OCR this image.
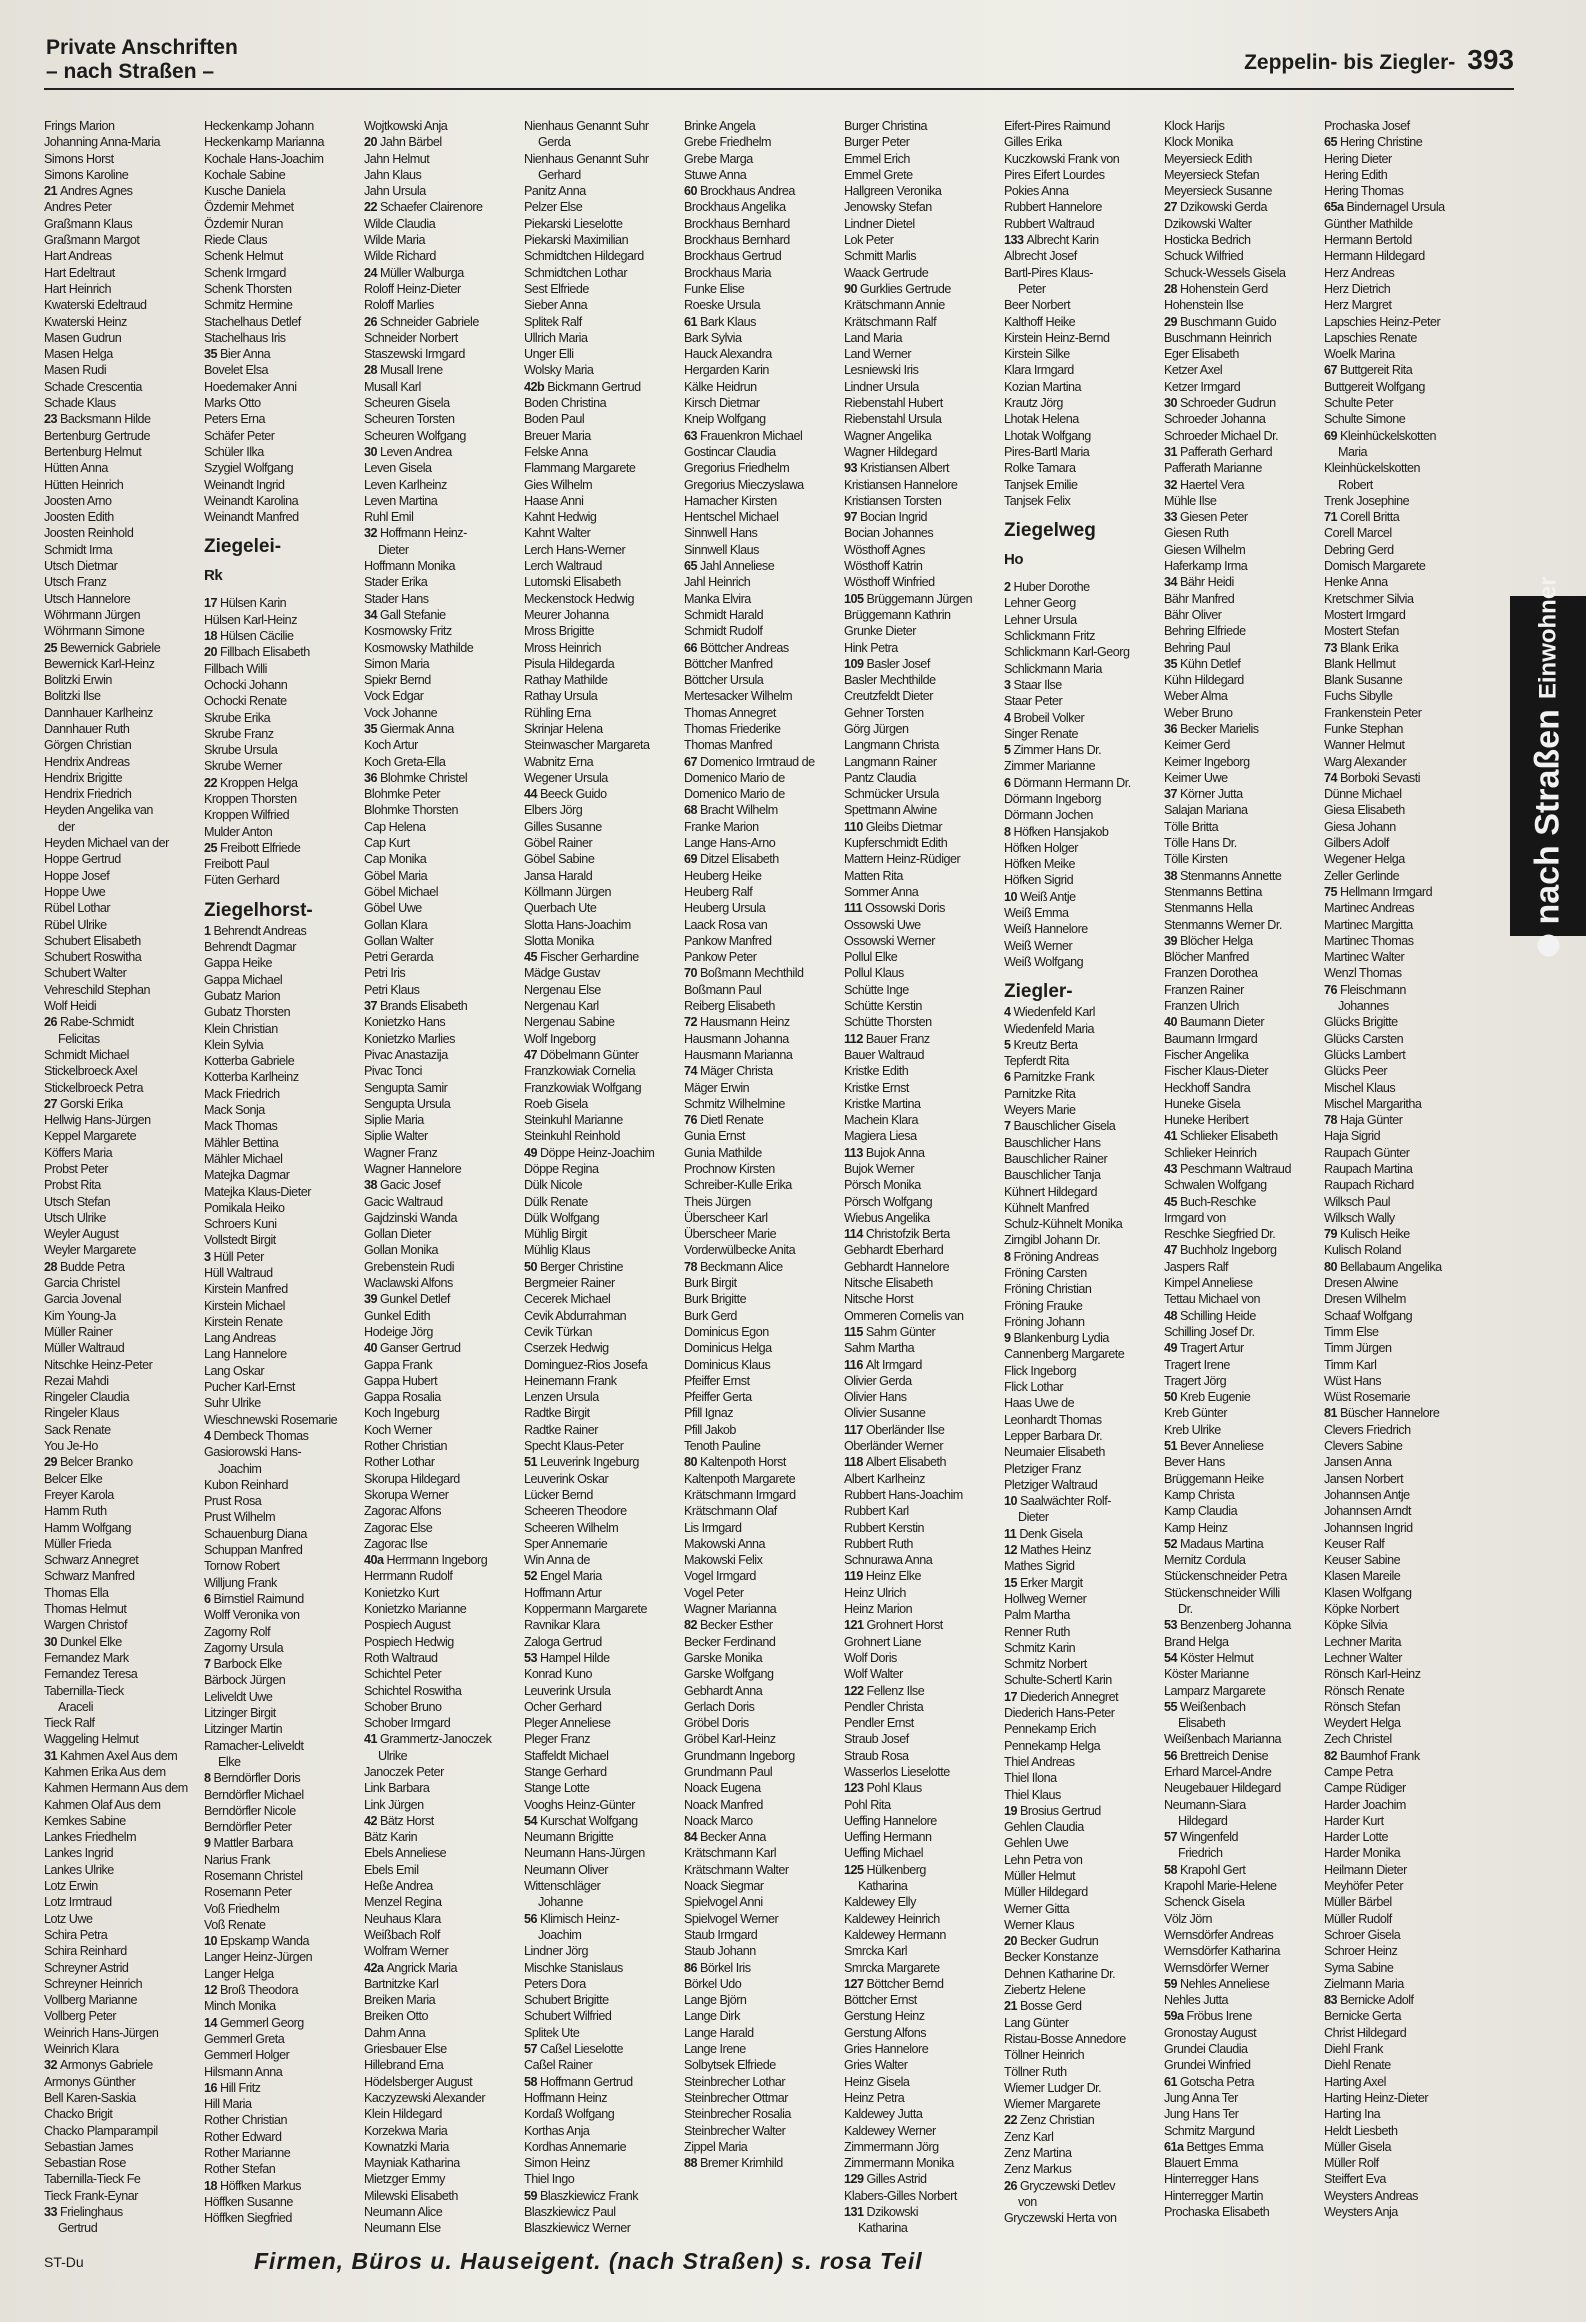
Private Anschriften
– nach Straßen –	Zeppelin- bis Ziegler- 393
Frings Marion
Johanning Anna-Maria
Simons Horst
Simons Karoline
21 Andres Agnes
Andres Peter
Graßmann Klaus
Graßmann Margot
Hart Andreas
Hart Edeltraut
Hart Heinrich
Kwaterski Edeltraud
Kwaterski Heinz
Masen Gudrun
Masen Helga
Masen Rudi
Schade Crescentia
Schade Klaus
23 Backsmann Hilde
Bertenburg Gertrude
Bertenburg Helmut
Hütten Anna
Hütten Heinrich
Joosten Arno
Joosten Edith
Joosten Reinhold
Schmidt Irma
Utsch Dietmar
Utsch Franz
Utsch Hannelore
Wöhrmann Jürgen
Wöhrmann Simone
25 Bewernick Gabriele
Bewernick Karl-Heinz
Bolitzki Erwin
Bolitzki Ilse
Dannhauer Karlheinz
Dannhauer Ruth
Görgen Christian
Hendrix Andreas
Hendrix Brigitte
Hendrix Friedrich
Heyden Angelika van
der
Heyden Michael van der
Hoppe Gertrud
Hoppe Josef
Hoppe Uwe
Rübel Lothar
Rübel Ulrike
Schubert Elisabeth
Schubert Roswitha
Schubert Walter
Vehreschild Stephan
Wolf Heidi
26 Rabe-Schmidt
Felicitas
Schmidt Michael
Stickelbroeck Axel
Stickelbroeck Petra
27 Gorski Erika
Hellwig Hans-Jürgen
Keppel Margarete
Köffers Maria
Probst Peter
Probst Rita
Utsch Stefan
Utsch Ulrike
Weyler August
Weyler Margarete
28 Budde Petra
Garcia Christel
Garcia Jovenal
Kim Young-Ja
Müller Rainer
Müller Waltraud
Nitschke Heinz-Peter
Rezai Mahdi
Ringeler Claudia
Ringeler Klaus
Sack Renate
You Je-Ho
29 Belcer Branko
Belcer Elke
Freyer Karola
Hamm Ruth
Hamm Wolfgang
Müller Frieda
Schwarz Annegret
Schwarz Manfred
Thomas Ella
Thomas Helmut
Wargen Christof
30 Dunkel Elke
Fernandez Mark
Fernandez Teresa
Tabernilla-Tieck
Araceli
Tieck Ralf
Waggeling Helmut
31 Kahmen Axel Aus dem
Kahmen Erika Aus dem
Kahmen Hermann Aus dem
Kahmen Olaf Aus dem
Kemkes Sabine
Lankes Friedhelm
Lankes Ingrid
Lankes Ulrike
Lotz Erwin
Lotz Irmtraud
Lotz Uwe
Schira Petra
Schira Reinhard
Schreyner Astrid
Schreyner Heinrich
Vollberg Marianne
Vollberg Peter
Weinrich Hans-Jürgen
Weinrich Klara
32 Armonys Gabriele
Armonys Günther
Bell Karen-Saskia
Chacko Brigit
Chacko Plamparampil
Sebastian James
Sebastian Rose
Tabernilla-Tieck Fe
Tieck Frank-Eynar
33 Frielinghaus
Gertrud
Heckenkamp Johann
Heckenkamp Marianna
Kochale Hans-Joachim
Kochale Sabine
Kusche Daniela
Özdemir Mehmet
Özdemir Nuran
Riede Claus
Schenk Helmut
Schenk Irmgard
Schenk Thorsten
Schmitz Hermine
Stachelhaus Detlef
Stachelhaus Iris
35 Bier Anna
Bovelet Elsa
Hoedemaker Anni
Marks Otto
Peters Erna
Schäfer Peter
Schüler Ilka
Szygiel Wolfgang
Weinandt Ingrid
Weinandt Karolina
Weinandt Manfred
Ziegelei-
Rk
17 Hülsen Karin
Hülsen Karl-Heinz
18 Hülsen Cäcilie
20 Fillbach Elisabeth
Fillbach Willi
Ochocki Johann
Ochocki Renate
Skrube Erika
Skrube Franz
Skrube Ursula
Skrube Werner
22 Kroppen Helga
Kroppen Thorsten
Kroppen Wilfried
Mulder Anton
25 Freibott Elfriede
Freibott Paul
Füten Gerhard
Ziegelhorst-
1 Behrendt Andreas
Behrendt Dagmar
Gappa Heike
Gappa Michael
Gubatz Marion
Gubatz Thorsten
Klein Christian
Klein Sylvia
Kotterba Gabriele
Kotterba Karlheinz
Mack Friedrich
Mack Sonja
Mack Thomas
Mähler Bettina
Mähler Michael
Matejka Dagmar
Matejka Klaus-Dieter
Pomikala Heiko
Schroers Kuni
Vollstedt Birgit
3 Hüll Peter
Hüll Waltraud
Kirstein Manfred
Kirstein Michael
Kirstein Renate
Lang Andreas
Lang Hannelore
Lang Oskar
Pucher Karl-Ernst
Suhr Ulrike
Wieschnewski Rosemarie
4 Dembeck Thomas
Gasiorowski Hans-
Joachim
Kubon Reinhard
Prust Rosa
Prust Wilhelm
Schauenburg Diana
Schuppan Manfred
Tornow Robert
Willjung Frank
6 Birnstiel Raimund
Wolff Veronika von
Zagorny Rolf
Zagorny Ursula
7 Barbock Elke
Bärbock Jürgen
Leliveldt Uwe
Litzinger Birgit
Litzinger Martin
Ramacher-Leliveldt
Elke
8 Berndörfler Doris
Berndörfler Michael
Berndörfler Nicole
Berndörfler Peter
9 Mattler Barbara
Narius Frank
Rosemann Christel
Rosemann Peter
Voß Friedhelm
Voß Renate
10 Epskamp Wanda
Langer Heinz-Jürgen
Langer Helga
12 Broß Theodora
Minch Monika
14 Gemmerl Georg
Gemmerl Greta
Gemmerl Holger
Hilsmann Anna
16 Hill Fritz
Hill Maria
Rother Christian
Rother Edward
Rother Marianne
Rother Stefan
18 Höffken Markus
Höffken Susanne
Höffken Siegfried
Wojtkowski Anja
20 Jahn Bärbel
Jahn Helmut
Jahn Klaus
Jahn Ursula
22 Schaefer Clairenore
Wilde Claudia
Wilde Maria
Wilde Richard
24 Müller Walburga
Roloff Heinz-Dieter
Roloff Marlies
26 Schneider Gabriele
Schneider Norbert
Staszewski Irmgard
28 Musall Irene
Musall Karl
Scheuren Gisela
Scheuren Torsten
Scheuren Wolfgang
30 Leven Andrea
Leven Gisela
Leven Karlheinz
Leven Martina
Ruhl Emil
32 Hoffmann Heinz-
Dieter
Hoffmann Monika
Stader Erika
Stader Hans
34 Gall Stefanie
Kosmowsky Fritz
Kosmowsky Mathilde
Simon Maria
Spiekr Bernd
Vock Edgar
Vock Johanne
35 Giermak Anna
Koch Artur
Koch Greta-Ella
36 Blohmke Christel
Blohmke Peter
Blohmke Thorsten
Cap Helena
Cap Kurt
Cap Monika
Göbel Maria
Göbel Michael
Göbel Uwe
Gollan Klara
Gollan Walter
Petri Gerarda
Petri Iris
Petri Klaus
37 Brands Elisabeth
Konietzko Hans
Konietzko Marlies
Pivac Anastazija
Pivac Tonci
Sengupta Samir
Sengupta Ursula
Siplie Maria
Siplie Walter
Wagner Franz
Wagner Hannelore
38 Gacic Josef
Gacic Waltraud
Gajdzinski Wanda
Gollan Dieter
Gollan Monika
Grebenstein Rudi
Waclawski Alfons
39 Gunkel Detlef
Gunkel Edith
Hodeige Jörg
40 Ganser Gertrud
Gappa Frank
Gappa Hubert
Gappa Rosalia
Koch Ingeburg
Koch Werner
Rother Christian
Rother Lothar
Skorupa Hildegard
Skorupa Werner
Zagorac Alfons
Zagorac Else
Zagorac Ilse
40a Herrmann Ingeborg
Herrmann Rudolf
Konietzko Kurt
Konietzko Marianne
Pospiech August
Pospiech Hedwig
Roth Waltraud
Schichtel Peter
Schichtel Roswitha
Schober Bruno
Schober Irmgard
41 Grammertz-Janoczek
Ulrike
Janoczek Peter
Link Barbara
Link Jürgen
42 Bätz Horst
Bätz Karin
Ebels Anneliese
Ebels Emil
Heße Andrea
Menzel Regina
Neuhaus Klara
Weißbach Rolf
Wolfram Werner
42a Angrick Maria
Bartnitzke Karl
Breiken Maria
Breiken Otto
Dahm Anna
Griesbauer Else
Hillebrand Erna
Hödelsberger August
Kaczyzewski Alexander
Klein Hildegard
Korzekwa Maria
Kownatzki Maria
Mayniak Katharina
Mietzger Emmy
Milewski Elisabeth
Neumann Alice
Neumann Else
Nienhaus Genannt Suhr
Gerda
Nienhaus Genannt Suhr
Gerhard
Panitz Anna
Pelzer Else
Piekarski Lieselotte
Piekarski Maximilian
Schmidtchen Hildegard
Schmidtchen Lothar
Sest Elfriede
Sieber Anna
Splitek Ralf
Ullrich Maria
Unger Elli
Wolsky Maria
42b Bickmann Gertrud
Boden Christina
Boden Paul
Breuer Maria
Felske Anna
Flammang Margarete
Gies Wilhelm
Haase Anni
Kahnt Hedwig
Kahnt Walter
Lerch Hans-Werner
Lerch Waltraud
Lutomski Elisabeth
Meckenstock Hedwig
Meurer Johanna
Mross Brigitte
Mross Heinrich
Pisula Hildegarda
Rathay Mathilde
Rathay Ursula
Rühling Erna
Skrinjar Helena
Steinwascher Margareta
Wabnitz Erna
Wegener Ursula
44 Beeck Guido
Elbers Jörg
Gilles Susanne
Göbel Rainer
Göbel Sabine
Jansa Harald
Köllmann Jürgen
Querbach Ute
Slotta Hans-Joachim
Slotta Monika
45 Fischer Gerhardine
Mädge Gustav
Nergenau Else
Nergenau Karl
Nergenau Sabine
Wolf Ingeborg
47 Döbelmann Günter
Franzkowiak Cornelia
Franzkowiak Wolfgang
Roeb Gisela
Steinkuhl Marianne
Steinkuhl Reinhold
49 Döppe Heinz-Joachim
Döppe Regina
Dülk Nicole
Dülk Renate
Dülk Wolfgang
Mühlig Birgit
Mühlig Klaus
50 Berger Christine
Bergmeier Rainer
Cecerek Michael
Cevik Abdurrahman
Cevik Türkan
Cserzek Hedwig
Dominguez-Rios Josefa
Heinemann Frank
Lenzen Ursula
Radtke Birgit
Radtke Rainer
Specht Klaus-Peter
51 Leuverink Ingeburg
Leuverink Oskar
Lücker Bernd
Scheeren Theodore
Scheeren Wilhelm
Sper Annemarie
Win Anna de
52 Engel Maria
Hoffmann Artur
Koppermann Margarete
Ravnikar Klara
Zaloga Gertrud
53 Hampel Hilde
Konrad Kuno
Leuverink Ursula
Ocher Gerhard
Pleger Anneliese
Pleger Franz
Staffeldt Michael
Stange Gerhard
Stange Lotte
Vooghs Heinz-Günter
54 Kurschat Wolfgang
Neumann Brigitte
Neumann Hans-Jürgen
Neumann Oliver
Wittenschläger
Johanne
56 Klimisch Heinz-
Joachim
Lindner Jörg
Mischke Stanislaus
Peters Dora
Schubert Brigitte
Schubert Wilfried
Splitek Ute
57 Caßel Lieselotte
Caßel Rainer
58 Hoffmann Gertrud
Hoffmann Heinz
Kordaß Wolfgang
Korthas Anja
Kordhas Annemarie
Simon Heinz
Thiel Ingo
59 Blaszkiewicz Frank
Blaszkiewicz Paul
Blaszkiewicz Werner
Brinke Angela
Grebe Friedhelm
Grebe Marga
Stuwe Anna
60 Brockhaus Andrea
Brockhaus Angelika
Brockhaus Bernhard
Brockhaus Bernhard
Brockhaus Gertrud
Brockhaus Maria
Funke Elise
Roeske Ursula
61 Bark Klaus
Bark Sylvia
Hauck Alexandra
Hergarden Karin
Kälke Heidrun
Kirsch Dietmar
Kneip Wolfgang
63 Frauenkron Michael
Gostincar Claudia
Gregorius Friedhelm
Gregorius Mieczyslawa
Hamacher Kirsten
Hentschel Michael
Sinnwell Hans
Sinnwell Klaus
65 Jahl Anneliese
Jahl Heinrich
Manka Elvira
Schmidt Harald
Schmidt Rudolf
66 Böttcher Andreas
Böttcher Manfred
Böttcher Ursula
Mertesacker Wilhelm
Thomas Annegret
Thomas Friederike
Thomas Manfred
67 Domenico Irmtraud de
Domenico Mario de
Domenico Mario de
68 Bracht Wilhelm
Franke Marion
Lange Hans-Arno
69 Ditzel Elisabeth
Heuberg Heike
Heuberg Ralf
Heuberg Ursula
Laack Rosa van
Pankow Manfred
Pankow Peter
70 Boßmann Mechthild
Boßmann Paul
Reiberg Elisabeth
72 Hausmann Heinz
Hausmann Johanna
Hausmann Marianna
74 Mäger Christa
Mäger Erwin
Schmitz Wilhelmine
76 Dietl Renate
Gunia Ernst
Gunia Mathilde
Prochnow Kirsten
Schreiber-Kulle Erika
Theis Jürgen
Überscheer Karl
Überscheer Marie
Vorderwülbecke Anita
78 Beckmann Alice
Burk Birgit
Burk Brigitte
Burk Gerd
Dominicus Egon
Dominicus Helga
Dominicus Klaus
Pfeiffer Ernst
Pfeiffer Gerta
Pfill Ignaz
Pfill Jakob
Tenoth Pauline
80 Kaltenpoth Horst
Kaltenpoth Margarete
Krätschmann Irmgard
Krätschmann Olaf
Lis Irmgard
Makowski Anna
Makowski Felix
Vogel Irmgard
Vogel Peter
Wagner Marianna
82 Becker Esther
Becker Ferdinand
Garske Monika
Garske Wolfgang
Gebhardt Anna
Gerlach Doris
Gröbel Doris
Gröbel Karl-Heinz
Grundmann Ingeborg
Grundmann Paul
Noack Eugena
Noack Manfred
Noack Marco
84 Becker Anna
Krätschmann Karl
Krätschmann Walter
Noack Siegmar
Spielvogel Anni
Spielvogel Werner
Staub Irmgard
Staub Johann
86 Börkel Iris
Börkel Udo
Lange Björn
Lange Dirk
Lange Harald
Lange Irene
Solbytsek Elfriede
Steinbrecher Lothar
Steinbrecher Ottmar
Steinbrecher Rosalia
Steinbrecher Walter
Zippel Maria
88 Bremer Krimhild
Burger Christina
Burger Peter
Emmel Erich
Emmel Grete
Hallgreen Veronika
Jenowsky Stefan
Lindner Dietel
Lok Peter
Schmitt Marlis
Waack Gertrude
90 Gurklies Gertrude
Krätschmann Annie
Krätschmann Ralf
Land Maria
Land Werner
Lesniewski Iris
Lindner Ursula
Riebenstahl Hubert
Riebenstahl Ursula
Wagner Angelika
Wagner Hildegard
93 Kristiansen Albert
Kristiansen Hannelore
Kristiansen Torsten
97 Bocian Ingrid
Bocian Johannes
Wösthoff Agnes
Wösthoff Katrin
Wösthoff Winfried
105 Brüggemann Jürgen
Brüggemann Kathrin
Grunke Dieter
Hink Petra
109 Basler Josef
Basler Mechthilde
Creutzfeldt Dieter
Gehner Torsten
Görg Jürgen
Langmann Christa
Langmann Rainer
Pantz Claudia
Schmücker Ursula
Spettmann Alwine
110 Gleibs Dietmar
Kupferschmidt Edith
Mattern Heinz-Rüdiger
Matten Rita
Sommer Anna
111 Ossowski Doris
Ossowski Uwe
Ossowski Werner
Pollul Elke
Pollul Klaus
Schütte Inge
Schütte Kerstin
Schütte Thorsten
112 Bauer Franz
Bauer Waltraud
Kristke Edith
Kristke Ernst
Kristke Martina
Machein Klara
Magiera Liesa
113 Bujok Anna
Bujok Werner
Pörsch Monika
Pörsch Wolfgang
Wiebus Angelika
114 Christofzik Berta
Gebhardt Eberhard
Gebhardt Hannelore
Nitsche Elisabeth
Nitsche Horst
Ommeren Cornelis van
115 Sahm Günter
Sahm Martha
116 Alt Irmgard
Olivier Gerda
Olivier Hans
Olivier Susanne
117 Oberländer Ilse
Oberländer Werner
118 Albert Elisabeth
Albert Karlheinz
Rubbert Hans-Joachim
Rubbert Karl
Rubbert Kerstin
Rubbert Ruth
Schnurawa Anna
119 Heinz Elke
Heinz Ulrich
Heinz Marion
121 Grohnert Horst
Grohnert Liane
Wolf Doris
Wolf Walter
122 Fellenz Ilse
Pendler Christa
Pendler Ernst
Straub Josef
Straub Rosa
Wasserlos Lieselotte
123 Pohl Klaus
Pohl Rita
Ueffing Hannelore
Ueffing Hermann
Ueffing Michael
125 Hülkenberg
Katharina
Kaldewey Elly
Kaldewey Heinrich
Kaldewey Hermann
Smrcka Karl
Smrcka Margarete
127 Böttcher Bernd
Böttcher Ernst
Gerstung Heinz
Gerstung Alfons
Gries Hannelore
Gries Walter
Heinz Gisela
Heinz Petra
Kaldewey Jutta
Kaldewey Werner
Zimmermann Jörg
Zimmermann Monika
129 Gilles Astrid
Klabers-Gilles Norbert
131 Dzikowski
Katharina
Eifert-Pires Raimund
Gilles Erika
Kuczkowski Frank von
Pires Eifert Lourdes
Pokies Anna
Rubbert Hannelore
Rubbert Waltraud
133 Albrecht Karin
Albrecht Josef
Bartl-Pires Klaus-
Peter
Beer Norbert
Kalthoff Heike
Kirstein Heinz-Bernd
Kirstein Silke
Klara Irmgard
Kozian Martina
Krautz Jörg
Lhotak Helena
Lhotak Wolfgang
Pires-Bartl Maria
Rolke Tamara
Tanjsek Emilie
Tanjsek Felix
Ziegelweg
Ho
2 Huber Dorothe
Lehner Georg
Lehner Ursula
Schlickmann Fritz
Schlickmann Karl-Georg
Schlickmann Maria
3 Staar Ilse
Staar Peter
4 Brobeil Volker
Singer Renate
5 Zimmer Hans Dr.
Zimmer Marianne
6 Dörmann Hermann Dr.
Dörmann Ingeborg
Dörmann Jochen
8 Höfken Hansjakob
Höfken Holger
Höfken Meike
Höfken Sigrid
10 Weiß Antje
Weiß Emma
Weiß Hannelore
Weiß Werner
Weiß Wolfgang
Ziegler-
4 Wiedenfeld Karl
Wiedenfeld Maria
5 Kreutz Berta
Tepferdt Rita
6 Parnitzke Frank
Parnitzke Rita
Weyers Marie
7 Bauschlicher Gisela
Bauschlicher Hans
Bauschlicher Rainer
Bauschlicher Tanja
Kühnert Hildegard
Kühnelt Manfred
Schulz-Kühnelt Monika
Zirngibl Johann Dr.
8 Fröning Andreas
Fröning Carsten
Fröning Christian
Fröning Frauke
Fröning Johann
9 Blankenburg Lydia
Cannenberg Margarete
Flick Ingeborg
Flick Lothar
Haas Uwe de
Leonhardt Thomas
Lepper Barbara Dr.
Neumaier Elisabeth
Pletziger Franz
Pletziger Waltraud
10 Saalwächter Rolf-
Dieter
11 Denk Gisela
12 Mathes Heinz
Mathes Sigrid
15 Erker Margit
Hollweg Werner
Palm Martha
Renner Ruth
Schmitz Karin
Schmitz Norbert
Schulte-Schertl Karin
17 Diederich Annegret
Diederich Hans-Peter
Pennekamp Erich
Pennekamp Helga
Thiel Andreas
Thiel Ilona
Thiel Klaus
19 Brosius Gertrud
Gehlen Claudia
Gehlen Uwe
Lehn Petra von
Müller Helmut
Müller Hildegard
Werner Gitta
Werner Klaus
20 Becker Gudrun
Becker Konstanze
Dehnen Katharine Dr.
Ziebertz Helene
21 Bosse Gerd
Lang Günter
Ristau-Bosse Annedore
Töllner Heinrich
Töllner Ruth
Wiemer Ludger Dr.
Wiemer Margarete
22 Zenz Christian
Zenz Karl
Zenz Martina
Zenz Markus
26 Gryczewski Detlev
von
Gryczewski Herta von
Klock Harijs
Klock Monika
Meyersieck Edith
Meyersieck Stefan
Meyersieck Susanne
27 Dzikowski Gerda
Dzikowski Walter
Hosticka Bedrich
Schuck Wilfried
Schuck-Wessels Gisela
28 Hohenstein Gerd
Hohenstein Ilse
29 Buschmann Guido
Buschmann Heinrich
Eger Elisabeth
Ketzer Axel
Ketzer Irmgard
30 Schroeder Gudrun
Schroeder Johanna
Schroeder Michael Dr.
31 Pafferath Gerhard
Pafferath Marianne
32 Haertel Vera
Mühle Ilse
33 Giesen Peter
Giesen Ruth
Giesen Wilhelm
Haferkamp Irma
34 Bähr Heidi
Bähr Manfred
Bähr Oliver
Behring Elfriede
Behring Paul
35 Kühn Detlef
Kühn Hildegard
Weber Alma
Weber Bruno
36 Becker Marielis
Keimer Gerd
Keimer Ingeborg
Keimer Uwe
37 Körner Jutta
Salajan Mariana
Tölle Britta
Tölle Hans Dr.
Tölle Kirsten
38 Stenmanns Annette
Stenmanns Bettina
Stenmanns Hella
Stenmanns Werner Dr.
39 Blöcher Helga
Blöcher Manfred
Franzen Dorothea
Franzen Rainer
Franzen Ulrich
40 Baumann Dieter
Baumann Irmgard
Fischer Angelika
Fischer Klaus-Dieter
Heckhoff Sandra
Huneke Gisela
Huneke Heribert
41 Schlieker Elisabeth
Schlieker Heinrich
43 Peschmann Waltraud
Schwalen Wolfgang
45 Buch-Reschke
Irmgard von
Reschke Siegfried Dr.
47 Buchholz Ingeborg
Jaspers Ralf
Kimpel Anneliese
Tettau Michael von
48 Schilling Heide
Schilling Josef Dr.
49 Tragert Artur
Tragert Irene
Tragert Jörg
50 Kreb Eugenie
Kreb Günter
Kreb Ulrike
51 Bever Anneliese
Bever Hans
Brüggemann Heike
Kamp Christa
Kamp Claudia
Kamp Heinz
52 Madaus Martina
Mernitz Cordula
Stückenschneider Petra
Stückenschneider Willi
Dr.
53 Benzenberg Johanna
Brand Helga
54 Köster Helmut
Köster Marianne
Lamparz Margarete
55 Weißenbach
Elisabeth
Weißenbach Marianna
56 Brettreich Denise
Erhard Marcel-Andre
Neugebauer Hildegard
Neumann-Siara
Hildegard
57 Wingenfeld
Friedrich
58 Krapohl Gert
Krapohl Marie-Helene
Schenck Gisela
Völz Jörn
Wernsdörfer Andreas
Wernsdörfer Katharina
Wernsdörfer Werner
59 Nehles Anneliese
Nehles Jutta
59a Fröbus Irene
Gronostay August
Grundei Claudia
Grundei Winfried
61 Gotscha Petra
Jung Anna Ter
Jung Hans Ter
Schmitz Margund
61a Bettges Emma
Blauert Emma
Hinterregger Hans
Hinterregger Martin
Prochaska Elisabeth
Prochaska Josef
65 Hering Christine
Hering Dieter
Hering Edith
Hering Thomas
65a Bindernagel Ursula
Günther Mathilde
Hermann Bertold
Hermann Hildegard
Herz Andreas
Herz Dietrich
Herz Margret
Lapschies Heinz-Peter
Lapschies Renate
Woelk Marina
67 Buttgereit Rita
Buttgereit Wolfgang
Schulte Peter
Schulte Simone
69 Kleinhückelskotten
Maria
Kleinhückelskotten
Robert
Trenk Josephine
71 Corell Britta
Corell Marcel
Debring Gerd
Domisch Margarete
Henke Anna
Kretschmer Silvia
Mostert Irmgard
Mostert Stefan
73 Blank Erika
Blank Hellmut
Blank Susanne
Fuchs Sibylle
Frankenstein Peter
Funke Stephan
Wanner Helmut
Warg Alexander
74 Borboki Sevasti
Dünne Michael
Giesa Elisabeth
Giesa Johann
Gilbers Adolf
Wegener Helga
Zeller Gerlinde
75 Hellmann Irmgard
Martinec Andreas
Martinec Margitta
Martinec Thomas
Martinec Walter
Wenzl Thomas
76 Fleischmann
Johannes
Glücks Brigitte
Glücks Carsten
Glücks Lambert
Glücks Peer
Mischel Klaus
Mischel Margaritha
78 Haja Günter
Haja Sigrid
Raupach Günter
Raupach Martina
Raupach Richard
Wilksch Paul
Wilksch Wally
79 Kulisch Heike
Kulisch Roland
80 Bellabaum Angelika
Dresen Alwine
Dresen Wilhelm
Schaaf Wolfgang
Timm Else
Timm Jürgen
Timm Karl
Wüst Hans
Wüst Rosemarie
81 Büscher Hannelore
Clevers Friedrich
Clevers Sabine
Jansen Anna
Jansen Norbert
Johannsen Antje
Johannsen Arndt
Johannsen Ingrid
Keuser Ralf
Keuser Sabine
Klasen Mareile
Klasen Wolfgang
Köpke Norbert
Köpke Silvia
Lechner Marita
Lechner Walter
Rönsch Karl-Heinz
Rönsch Renate
Rönsch Stefan
Weydert Helga
Zech Christel
82 Baumhof Frank
Campe Petra
Campe Rüdiger
Harder Joachim
Harder Kurt
Harder Lotte
Harder Monika
Heilmann Dieter
Meyhöfer Peter
Müller Bärbel
Müller Rudolf
Schroer Gisela
Schroer Heinz
Syma Sabine
Zielmann Maria
83 Bernicke Adolf
Bernicke Gerta
Christ Hildegard
Diehl Frank
Diehl Renate
Harting Axel
Harting Heinz-Dieter
Harting Ina
Heldt Liesbeth
Müller Gisela
Müller Rolf
Steiffert Eva
Weysters Andreas
Weysters Anja
nach Straßen
Einwohner
ST-Du	Firmen, Büros u. Hauseigent. (nach Straßen) s. rosa Teil
